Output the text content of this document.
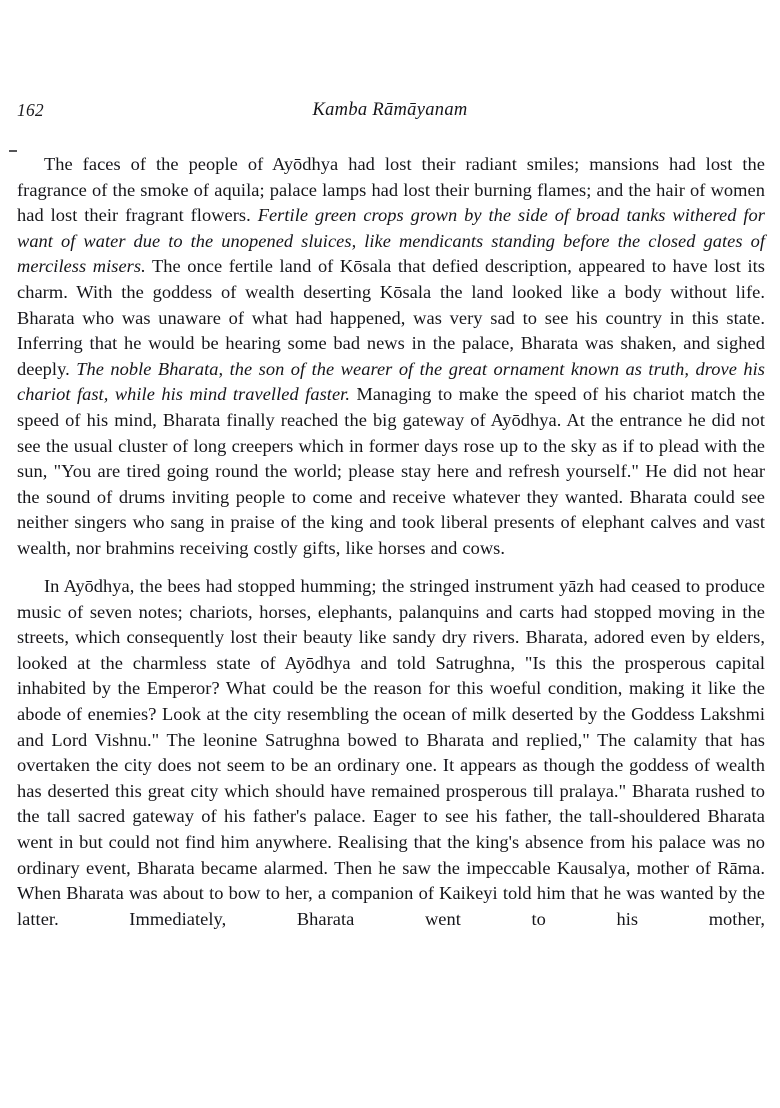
162	Kamba Rāmāyanam

The faces of the people of Ayōdhya had lost their radiant smiles; mansions had lost the fragrance of the smoke of aquila; palace lamps had lost their burning flames; and the hair of women had lost their fragrant flowers. Fertile green crops grown by the side of broad tanks withered for want of water due to the unopened sluices, like mendicants standing before the closed gates of merciless misers. The once fertile land of Kōsala that defied description, appeared to have lost its charm. With the goddess of wealth deserting Kōsala the land looked like a body without life. Bharata who was unaware of what had happened, was very sad to see his country in this state. Inferring that he would be hearing some bad news in the palace, Bharata was shaken, and sighed deeply. The noble Bharata, the son of the wearer of the great ornament known as truth, drove his chariot fast, while his mind travelled faster. Managing to make the speed of his chariot match the speed of his mind, Bharata finally reached the big gateway of Ayōdhya. At the entrance he did not see the usual cluster of long creepers which in former days rose up to the sky as if to plead with the sun, "You are tired going round the world; please stay here and refresh yourself." He did not hear the sound of drums inviting people to come and receive whatever they wanted. Bharata could see neither singers who sang in praise of the king and took liberal presents of elephant calves and vast wealth, nor brahmins receiving costly gifts, like horses and cows.

In Ayōdhya, the bees had stopped humming; the stringed instrument yāzh had ceased to produce music of seven notes; chariots, horses, elephants, palanquins and carts had stopped moving in the streets, which consequently lost their beauty like sandy dry rivers. Bharata, adored even by elders, looked at the charmless state of Ayōdhya and told Satrughna, "Is this the prosperous capital inhabited by the Emperor? What could be the reason for this woeful condition, making it like the abode of enemies? Look at the city resembling the ocean of milk deserted by the Goddess Lakshmi and Lord Vishnu." The leonine Satrughna bowed to Bharata and replied," The calamity that has overtaken the city does not seem to be an ordinary one. It appears as though the goddess of wealth has deserted this great city which should have remained prosperous till pralaya." Bharata rushed to the tall sacred gateway of his father's palace. Eager to see his father, the tall-shouldered Bharata went in but could not find him anywhere. Realising that the king's absence from his palace was no ordinary event, Bharata became alarmed. Then he saw the impeccable Kausalya, mother of Rāma. When Bharata was about to bow to her, a companion of Kaikeyi told him that he was wanted by the latter. Immediately, Bharata went to his mother,
